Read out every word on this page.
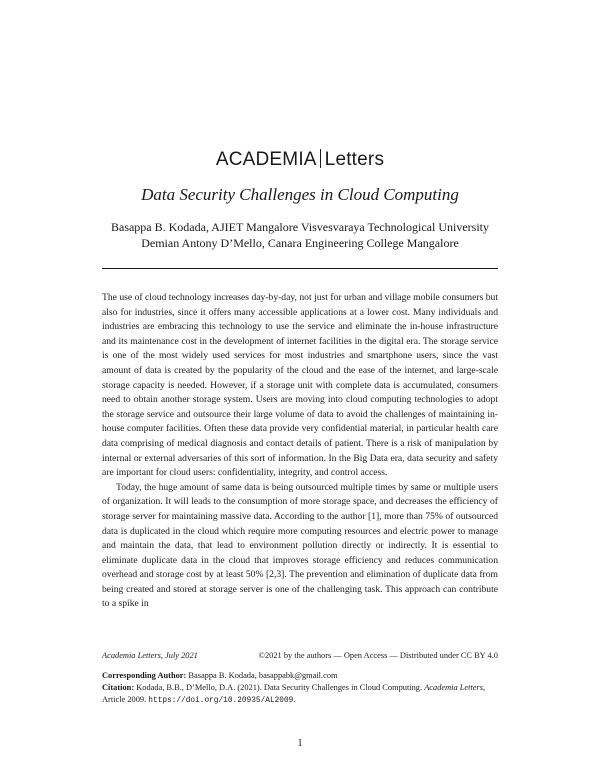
ACADEMIA Letters
Data Security Challenges in Cloud Computing
Basappa B. Kodada, AJIET Mangalore Visvesvaraya Technological University
Demian Antony D’Mello, Canara Engineering College Mangalore

The use of cloud technology increases day-by-day, not just for urban and village mobile consumers but also for industries, since it offers many accessible applications at a lower cost. Many individuals and industries are embracing this technology to use the service and eliminate the in-house infrastructure and its maintenance cost in the development of internet facilities in the digital era. The storage service is one of the most widely used services for most industries and smartphone users, since the vast amount of data is created by the popularity of the cloud and the ease of the internet, and large-scale storage capacity is needed. However, if a storage unit with complete data is accumulated, consumers need to obtain another storage system. Users are moving into cloud computing technologies to adopt the storage service and outsource their large volume of data to avoid the challenges of maintaining in-house computer facilities. Often these data provide very confidential material, in particular health care data comprising of medical diagnosis and contact details of patient. There is a risk of manipulation by internal or external adversaries of this sort of information. In the Big Data era, data security and safety are important for cloud users: confidentiality, integrity, and control access.

Today, the huge amount of same data is being outsourced multiple times by same or multiple users of organization. It will leads to the consumption of more storage space, and decreases the efficiency of storage server for maintaining massive data. According to the author [1], more than 75% of outsourced data is duplicated in the cloud which require more computing resources and electric power to manage and maintain the data, that lead to environment pollution directly or indirectly. It is essential to eliminate duplicate data in the cloud that improves storage efficiency and reduces communication overhead and storage cost by at least 50% [2,3]. The prevention and elimination of duplicate data from being created and stored at storage server is one of the challenging task. This approach can contribute to a spike in

Academia Letters, July 2021	©2021 by the authors — Open Access — Distributed under CC BY 4.0
Corresponding Author: Basappa B. Kodada, basappabk@gmail.com
Citation: Kodada, B.B., D’Mello, D.A. (2021). Data Security Challenges in Cloud Computing. Academia Letters, Article 2009. https://doi.org/10.20935/AL2009.
1
